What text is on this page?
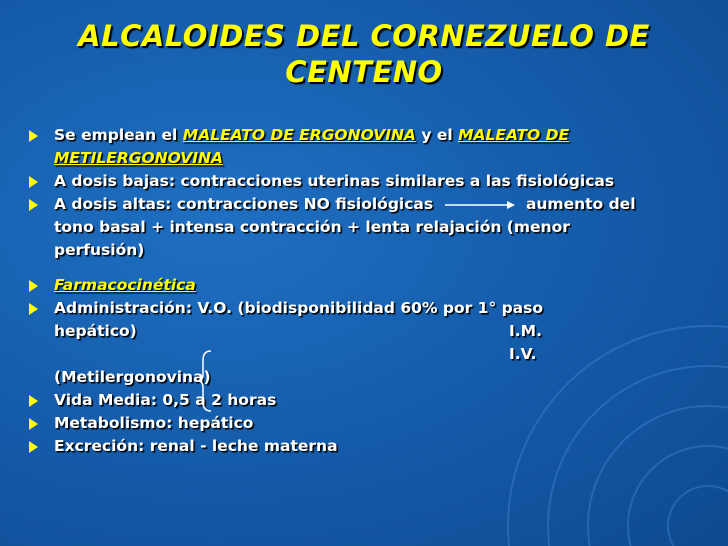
ALCALOIDES DEL CORNEZUELO DE
CENTENO
Se emplean el MALEATO DE ERGONOVINA y el MALEATO DE
METILERGONOVINA
A dosis bajas: contracciones uterinas similares a las fisiológicas
A dosis altas: contracciones NO fisiológicas	aumento del
tono basal + intensa contracción + lenta relajación (menor
perfusión)
Farmacocinética
Administración: V.O. (biodisponibilidad 60% por 1° paso
hepático)	I.M.

I.V.

(Metilergonovina)
Vida Media: 0,5 a 2 horas
Metabolismo: hepático
Excreción: renal - leche materna
